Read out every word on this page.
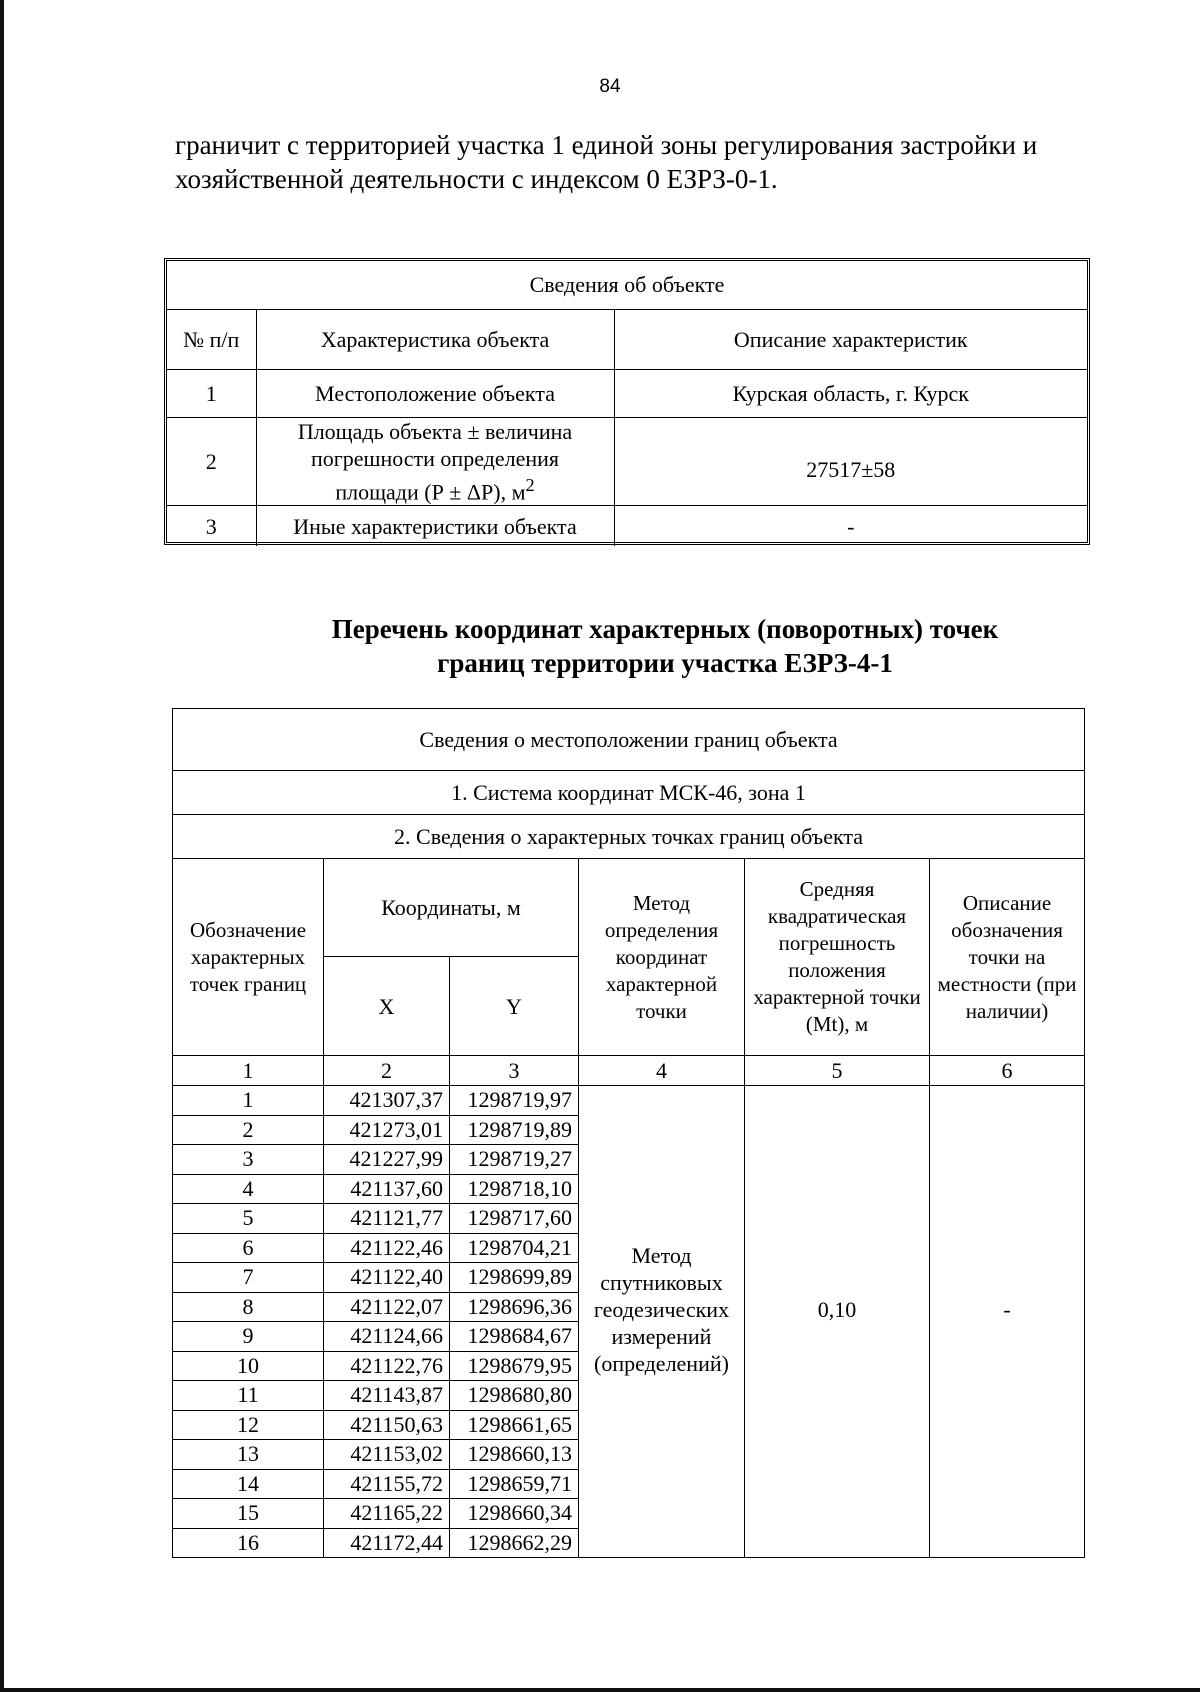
84
граничит с территорией участка 1 единой зоны регулирования застройки и хозяйственной деятельности с индексом 0 ЕЗРЗ-0-1.
Сведения об объекте		
№ п/п	Характеристика объекта	Описание характеристик
1	Местоположение объекта	Курская область, г. Курск
2	Площадь объекта ± величина
погрешности определения
площади (Р ± ΔР), $м^2$	27517±58
3	Иные характеристики объекта	-
Перечень координат характерных (поворотных) точек
границ территории участка ЕЗРЗ-4-1
Сведения о местоположении границ объекта					
1. Система координат МСК-46, зона 1					
2. Сведения о характерных точках границ объекта					
Обозначение характерных точек границ	Координаты, м		Метод определения координат характерной точки	Средняя квадратическая погрешность положения характерной точки (Mt), м	Описание обозначения точки на местности (при наличии)
	X	Y			
1	2	3	4	5	6
1	421307,37	1298719,97	Метод спутниковых геодезических измерений (определений)	0,10	-
2	421273,01	1298719,89			
3	421227,99	1298719,27			
4	421137,60	1298718,10			
5	421121,77	1298717,60			
6	421122,46	1298704,21			
7	421122,40	1298699,89			
8	421122,07	1298696,36			
9	421124,66	1298684,67			
10	421122,76	1298679,95			
11	421143,87	1298680,80			
12	421150,63	1298661,65			
13	421153,02	1298660,13			
14	421155,72	1298659,71			
15	421165,22	1298660,34			
16	421172,44	1298662,29			
